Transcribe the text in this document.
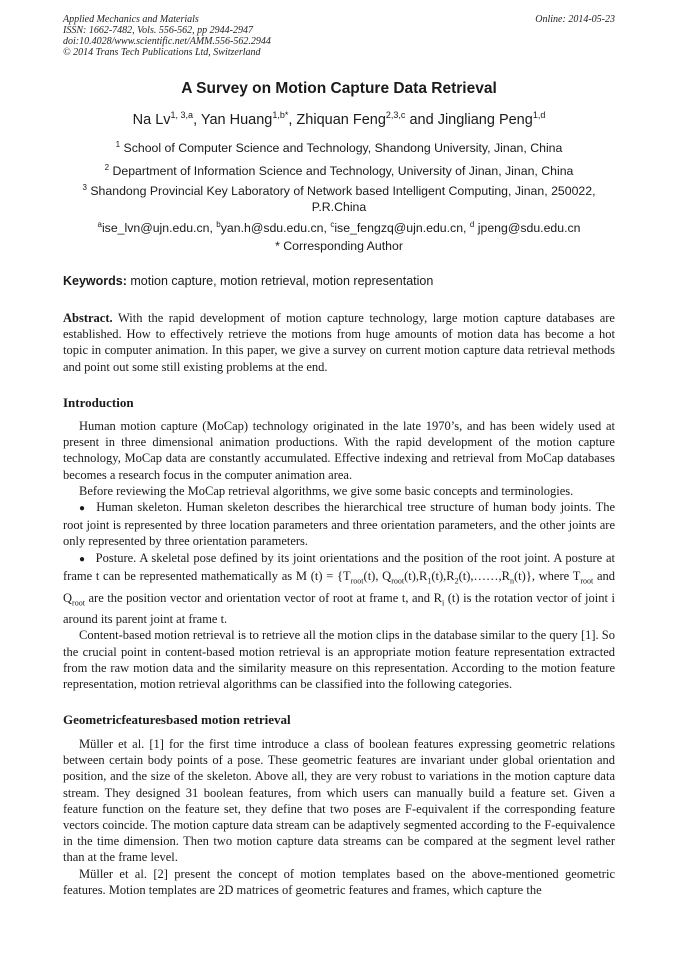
Applied Mechanics and Materials
ISSN: 1662-7482, Vols. 556-562, pp 2944-2947
doi:10.4028/www.scientific.net/AMM.556-562.2944
© 2014 Trans Tech Publications Ltd, Switzerland
Online: 2014-05-23
A Survey on Motion Capture Data Retrieval
Na Lv$^{1, 3,a}$, Yan Huang$^{1,b*}$, Zhiquan Feng$^{2,3,c}$ and Jingliang Peng$^{1,d}$
$^1$ School of Computer Science and Technology, Shandong University, Jinan, China
$^2$ Department of Information Science and Technology, University of Jinan, Jinan, China
$^3$ Shandong Provincial Key Laboratory of Network based Intelligent Computing, Jinan, 250022, P.R.China
$^a$ise_lvn@ujn.edu.cn, $^b$yan.h@sdu.edu.cn, $^c$ise_fengzq@ujn.edu.cn, $^d$ jpeng@sdu.edu.cn
* Corresponding Author
Keywords: motion capture, motion retrieval, motion representation

Abstract. With the rapid development of motion capture technology, large motion capture databases are established. How to effectively retrieve the motions from huge amounts of motion data has become a hot topic in computer animation. In this paper, we give a survey on current motion capture data retrieval methods and point out some still existing problems at the end.

Introduction

Human motion capture (MoCap) technology originated in the late 1970’s, and has been widely used at present in three dimensional animation productions. With the rapid development of the motion capture technology, MoCap data are constantly accumulated. Effective indexing and retrieval from MoCap databases becomes a research focus in the computer animation area.

Before reviewing the MoCap retrieval algorithms, we give some basic concepts and terminologies.

● Human skeleton. Human skeleton describes the hierarchical tree structure of human body joints. The root joint is represented by three location parameters and three orientation parameters, and the other joints are only represented by three orientation parameters.

● Posture. A skeletal pose defined by its joint orientations and the position of the root joint. A posture at frame t can be represented mathematically as M $(t) = \{T_{root}(t)$, $Q_{root}(t),R_1(t),R_2(t),\dots\dots,R_n(t)$}, where $T_{root}$ and $Q_{root}$ are the position vector and orientation vector of root at frame t, and $R_i$ (t) is the rotation vector of joint i around its parent joint at frame t.

Content-based motion retrieval is to retrieve all the motion clips in the database similar to the query [1]. So the crucial point in content-based motion retrieval is an appropriate motion feature representation extracted from the raw motion data and the similarity measure on this representation. According to the motion feature representation, motion retrieval algorithms can be classified into the following categories.

Geometricfeaturesbased motion retrieval

Müller et al. [1] for the first time introduce a class of boolean features expressing geometric relations between certain body points of a pose. These geometric features are invariant under global orientation and position, and the size of the skeleton. Above all, they are very robust to variations in the motion capture data stream. They designed 31 boolean features, from which users can manually build a feature set. Given a feature function on the feature set, they define that two poses are F-equivalent if the corresponding feature vectors coincide. The motion capture data stream can be adaptively segmented according to the F-equivalence in the time dimension. Then two motion capture data streams can be compared at the segment level rather than at the frame level.

Müller et al. [2] present the concept of motion templates based on the above-mentioned geometric features. Motion templates are 2D matrices of geometric features and frames, which capture the
